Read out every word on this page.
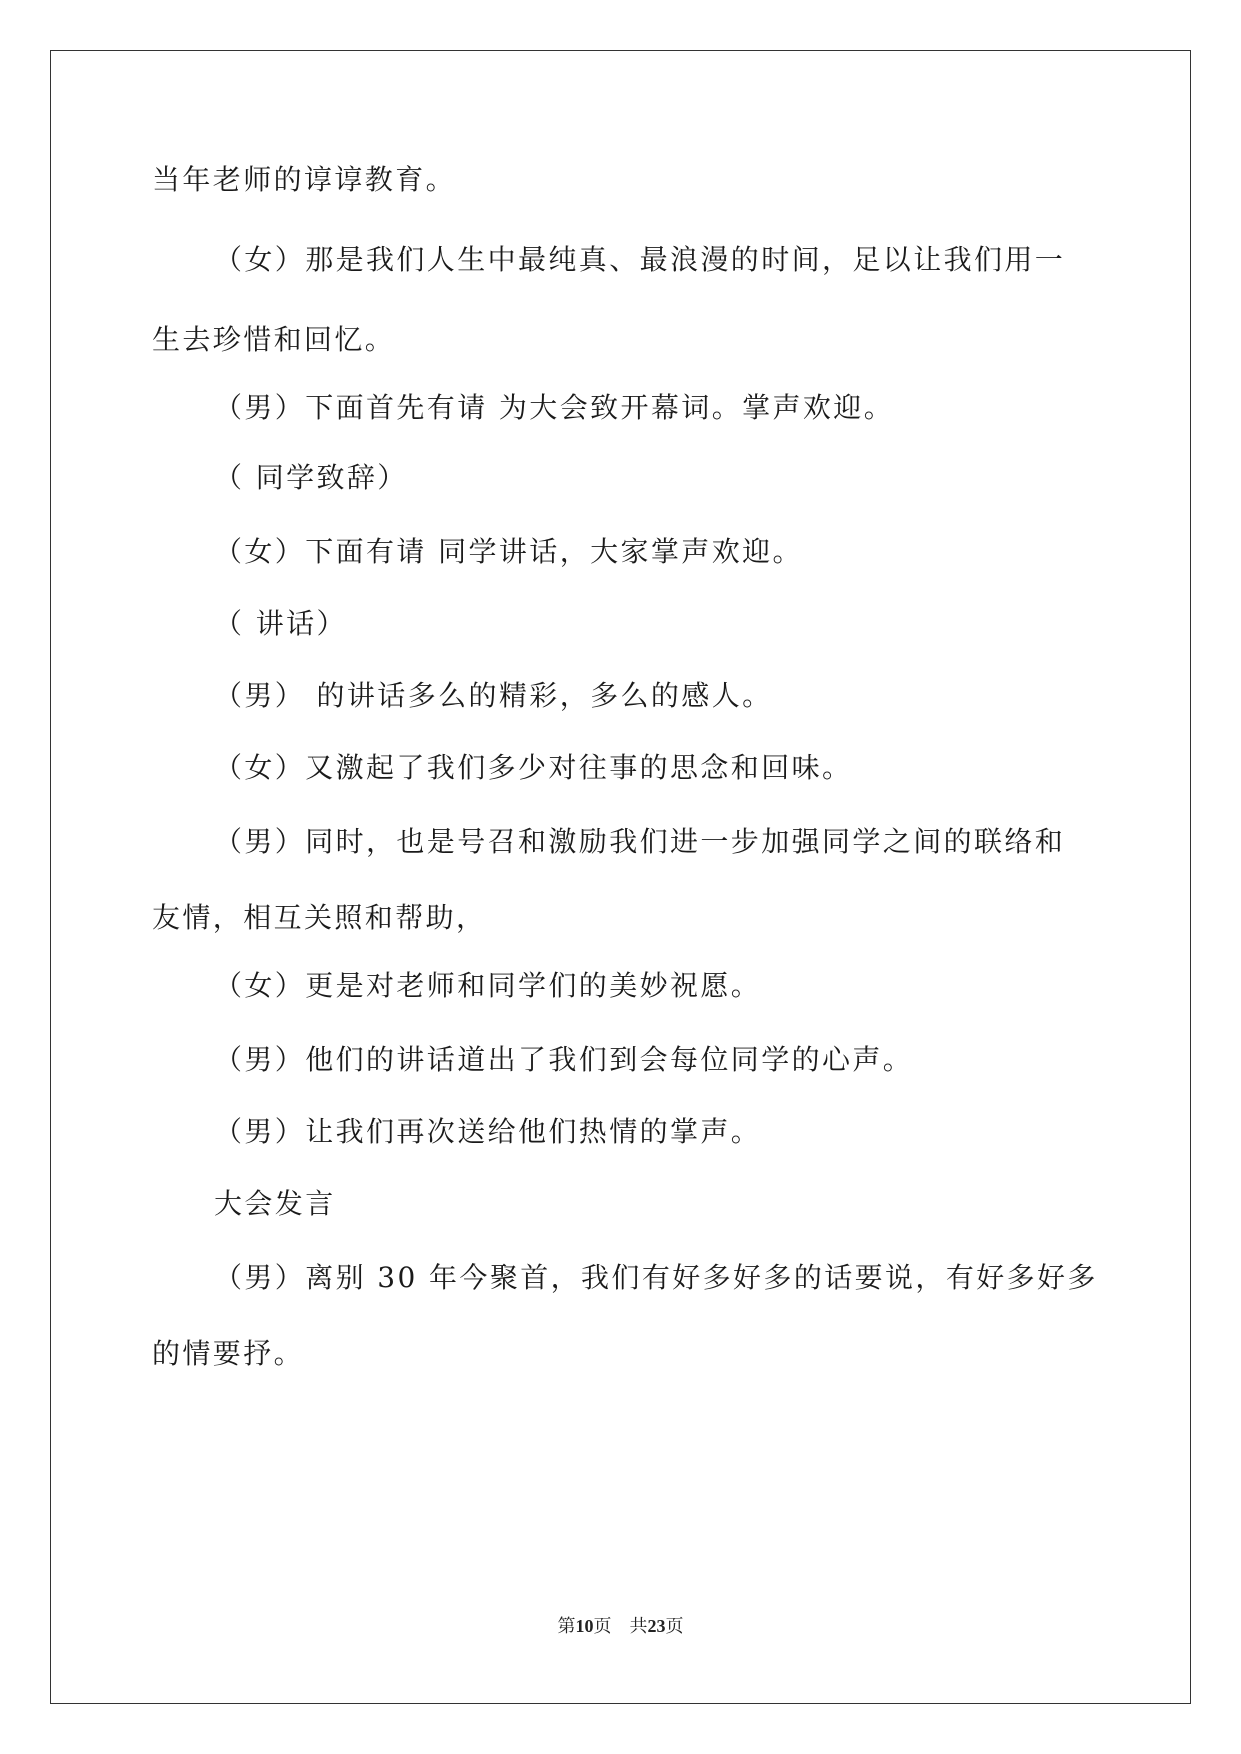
当年老师的谆谆教育。
（女）那是我们人生中最纯真、最浪漫的时间，足以让我们用一
生去珍惜和回忆。
（男）下面首先有请 为大会致开幕词。掌声欢迎。
（ 同学致辞）
（女）下面有请 同学讲话，大家掌声欢迎。
（ 讲话）
（男） 的讲话多么的精彩，多么的感人。
（女）又激起了我们多少对往事的思念和回味。
（男）同时，也是号召和激励我们进一步加强同学之间的联络和
友情，相互关照和帮助，
（女）更是对老师和同学们的美妙祝愿。
（男）他们的讲话道出了我们到会每位同学的心声。
（男）让我们再次送给他们热情的掌声。
大会发言
（男）离别 30 年今聚首，我们有好多好多的话要说，有好多好多
的情要抒。
第10页　共23页
